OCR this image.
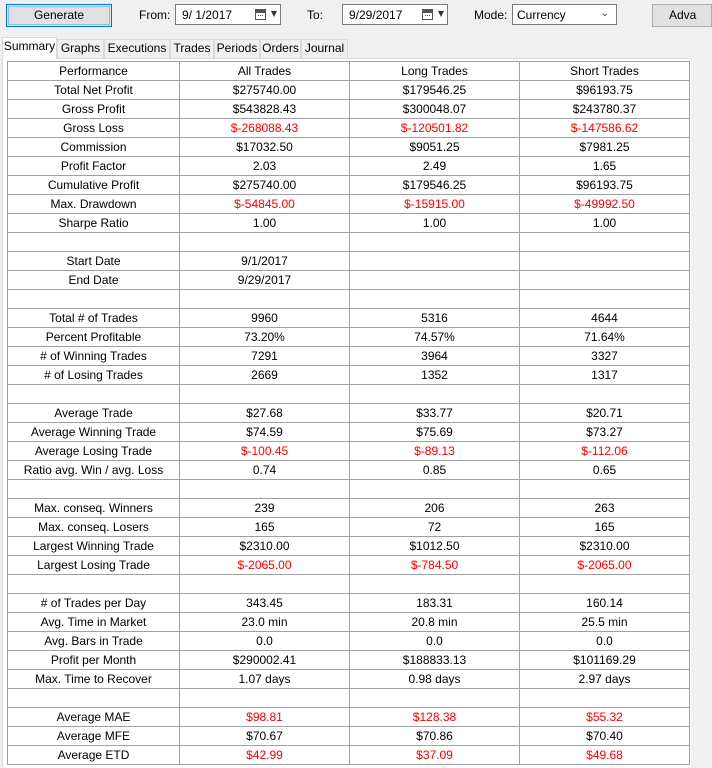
Generate	From: 9/ 1/2017	▼	To: 9/29/2017	▼	Mode: Currency	⌄	Adva
Summary Graphs Executions Trades Periods Orders Journal
Performance	All Trades	Long Trades	Short Trades
Total Net Profit	$275740.00	$179546.25	$96193.75
Gross Profit	$543828.43	$300048.07	$243780.37
Gross Loss	$-268088.43	$-120501.82	$-147586.62
Commission	$17032.50	$9051.25	$7981.25
Profit Factor	2.03	2.49	1.65
Cumulative Profit	$275740.00	$179546.25	$96193.75
Max. Drawdown	$-54845.00	$-15915.00	$-49992.50
Sharpe Ratio	1.00	1.00	1.00

Start Date	9/1/2017		
End Date	9/29/2017		

Total # of Trades	9960	5316	4644
Percent Profitable	73.20%	74.57%	71.64%
# of Winning Trades	7291	3964	3327
# of Losing Trades	2669	1352	1317

Average Trade	$27.68	$33.77	$20.71
Average Winning Trade	$74.59	$75.69	$73.27
Average Losing Trade	$-100.45	$-89.13	$-112.06
Ratio avg. Win / avg. Loss	0.74	0.85	0.65

Max. conseq. Winners	239	206	263
Max. conseq. Losers	165	72	165
Largest Winning Trade	$2310.00	$1012.50	$2310.00
Largest Losing Trade	$-2065.00	$-784.50	$-2065.00

# of Trades per Day	343.45	183.31	160.14
Avg. Time in Market	23.0 min	20.8 min	25.5 min
Avg. Bars in Trade	0.0	0.0	0.0
Profit per Month	$290002.41	$188833.13	$101169.29
Max. Time to Recover	1.07 days	0.98 days	2.97 days

Average MAE	$98.81	$128.38	$55.32
Average MFE	$70.67	$70.86	$70.40
Average ETD	$42.99	$37.09	$49.68
